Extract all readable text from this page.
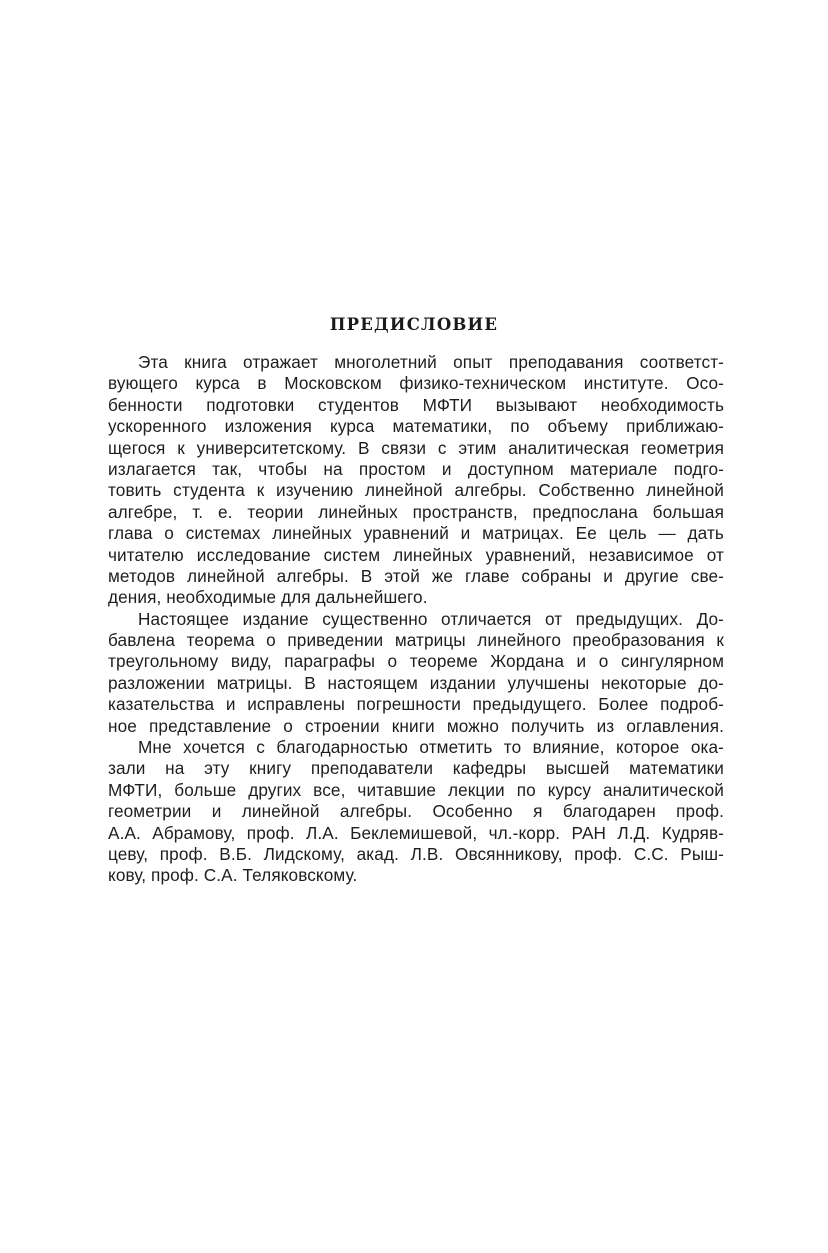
ПРЕДИСЛОВИЕ
Эта книга отражает многолетний опыт преподавания соответст-
вующего курса в Московском физико-техническом институте. Осо-
бенности подготовки студентов МФТИ вызывают необходимость
ускоренного изложения курса математики, по объему приближаю-
щегося к университетскому. В связи с этим аналитическая геометрия
излагается так, чтобы на простом и доступном материале подго-
товить студента к изучению линейной алгебры. Собственно линейной
алгебре, т. е. теории линейных пространств, предпослана большая
глава о системах линейных уравнений и матрицах. Ее цель — дать
читателю исследование систем линейных уравнений, независимое от
методов линейной алгебры. В этой же главе собраны и другие све-
дения, необходимые для дальнейшего.
Настоящее издание существенно отличается от предыдущих. До-
бавлена теорема о приведении матрицы линейного преобразования к
треугольному виду, параграфы о теореме Жордана и о сингулярном
разложении матрицы. В настоящем издании улучшены некоторые до-
казательства и исправлены погрешности предыдущего. Более подроб-
ное представление о строении книги можно получить из оглавления.
Мне хочется с благодарностью отметить то влияние, которое ока-
зали на эту книгу преподаватели кафедры высшей математики
МФТИ, больше других все, читавшие лекции по курсу аналитической
геометрии и линейной алгебры. Особенно я благодарен проф.
А.А. Абрамову, проф. Л.А. Беклемишевой, чл.-корр. РАН Л.Д. Кудряв-
цеву, проф. В.Б. Лидскому, акад. Л.В. Овсянникову, проф. С.С. Рыш-
кову, проф. С.А. Теляковскому.
